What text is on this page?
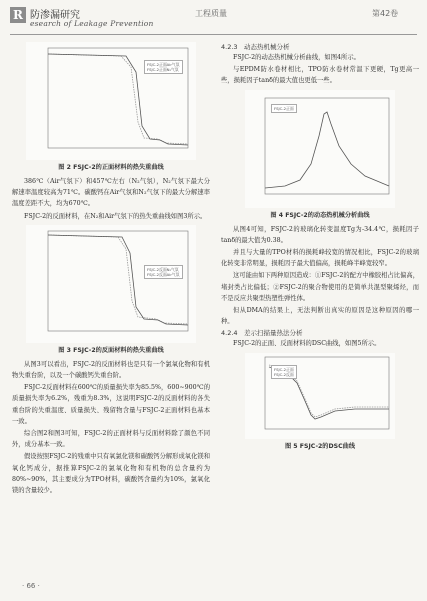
R 防渗漏研究
esearch of Leakage Prevention
工程质量	第42卷
FSJC-2正面Air气氛
FSJC-2正面N₂气氛
图 2 FSJC-2的正面材料的热失重曲线

386℃（Air气氛下）和457℃左右（N₂气氛），N₂气氛下最大分解速率温度较高为71℃。碳酸钙在Air气氛和N₂气氛下的最大分解速率温度差距不大，均为670℃。

FSJC-2的反面材料，在N₂和Air气氛下的热失重曲线如图3所示。

FSJC-2反面N₂气氛
FSJC-2反面Air气氛
图 3 FSJC-2的反面材料的热失重曲线

从图3可以看出，FSJC-2的反面材料也是只有一个氯氧化物和有机物失重台阶，以及一个碳酸钙失重台阶。

FSJC-2反面材料在600℃的质量损失率为85.5%，600~900℃的质量损失率为6.2%，残重为8.3%，这说明FSJC-2的反面材料的各失重台阶的失重温度、质量损失、残留物含量与FSJC-2正面材料也基本一致。

综合图2和图3可知，FSJC-2的正面材料与反面材料除了颜色不同外，成分基本一致。

假设按照FSJC-2的残重中只有氧氯化镁和碳酸钙分解形成氧化镁和氧化钙成分，据推算FSJC-2的氯氧化物和有机物的总含量约为80%~90%，其主要成分为TPO材料，碳酸钙含量约为10%，氯氧化镁的含量较少。

4.2.3　动态热机械分析

FSJC-2的动态热机械分析曲线，如图4所示。

与EPDM防水卷材相比，TPO防水卷材常温下更硬，Tg更高一些，损耗因子tanδ的最大值也更低一些。

FSJC-2正面
图 4 FSJC-2的动态热机械分析曲线

从图4可知，FSJC-2的玻璃化转变温度Tg为-34.4℃，损耗因子tanδ的最大值为0.38。

并且与大量的TPO材料的损耗峰较宽的情况相比，FSJC-2的玻璃化转变非常明显，损耗因子最大值偏高，损耗峰半峰宽较窄。

这可能由如下两种原因造成：①FSJC-2的配方中橡胶相占比偏高，堵封类占比偏低；②FSJC-2的聚合物使用的是简单共混型聚烯烃，而不是反应共聚型热塑性弹性体。

但从DMA的结果上，无法判断出真实的原因是这种原因的哪一种。

4.2.4　差示扫描量热法分析

FSJC-2的正面、反面材料的DSC曲线，如图5所示。

FSJC-2正面
FSJC-2反面
图 5 FSJC-2的DSC曲线
· 66 ·
